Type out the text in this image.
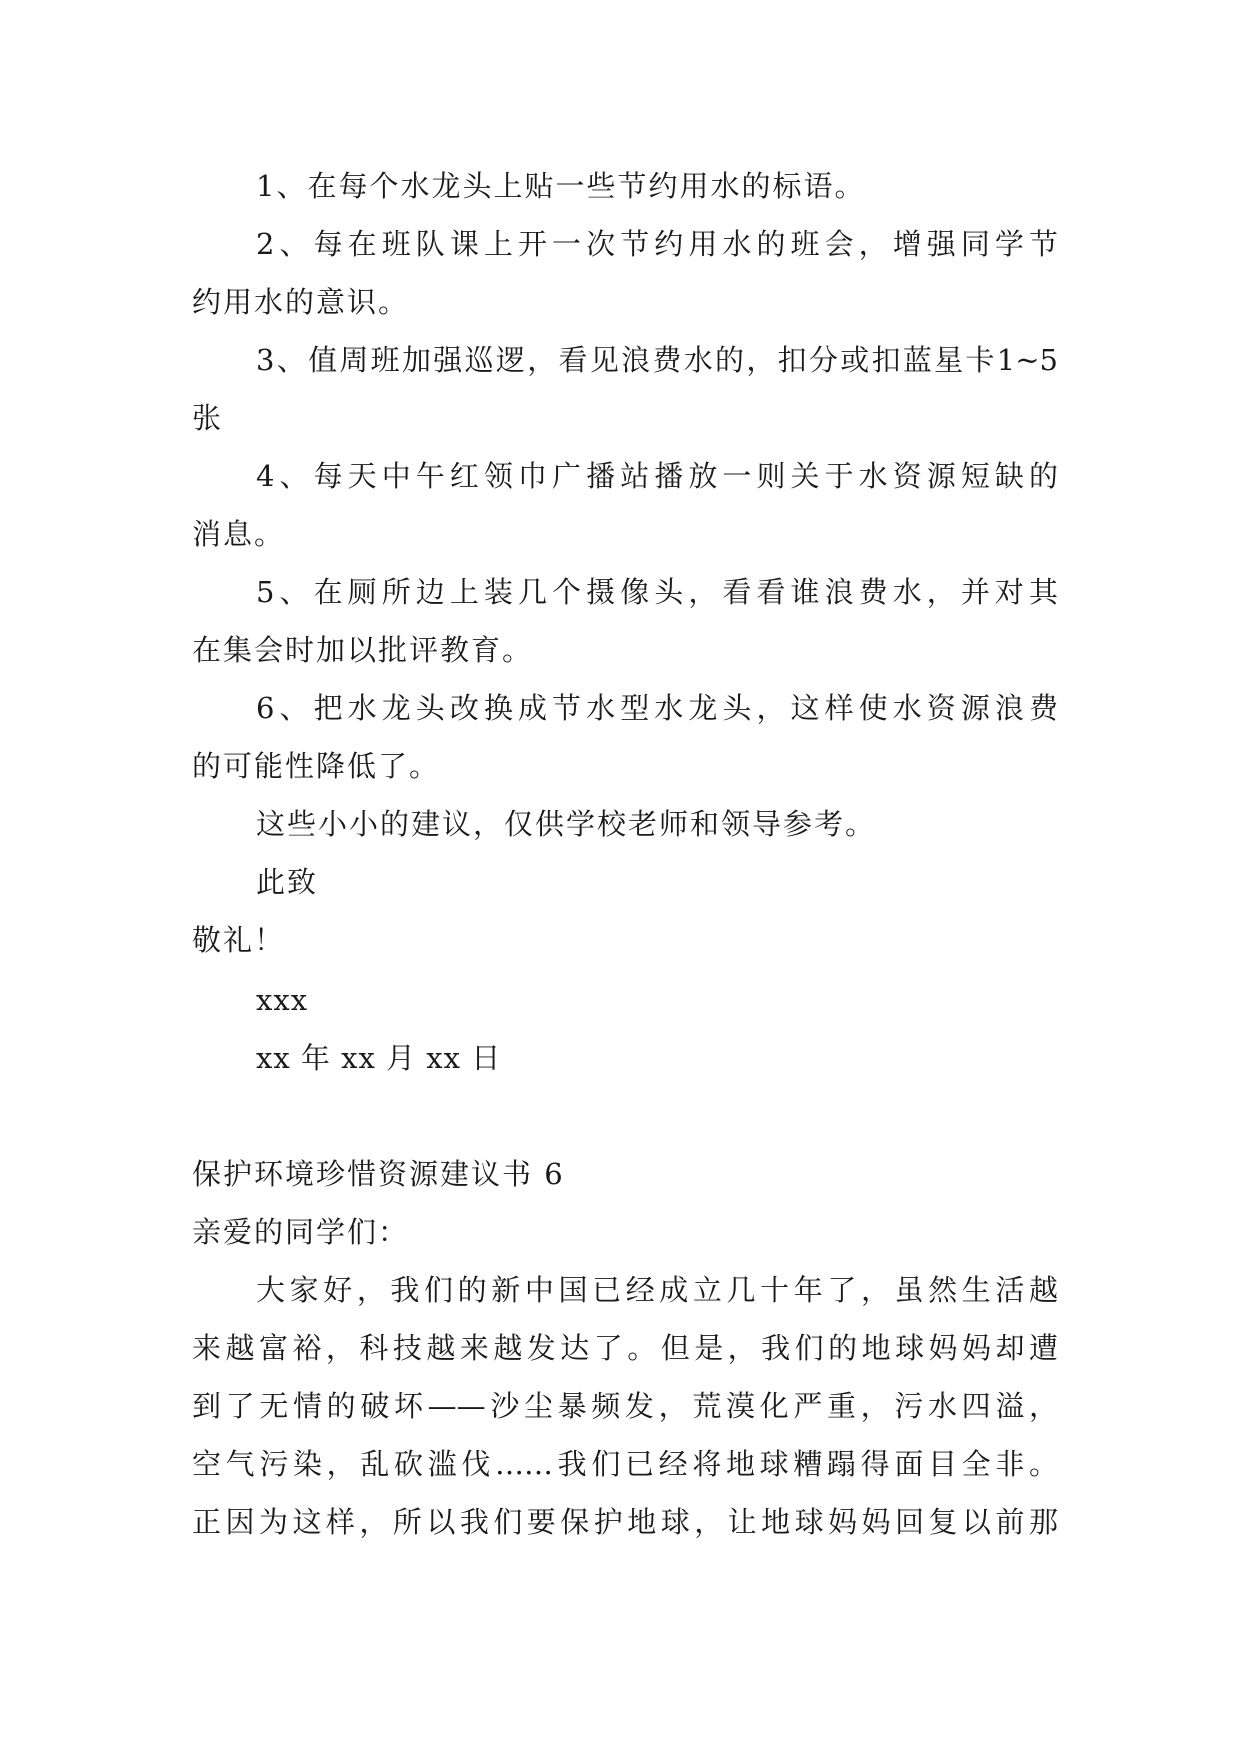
1、在每个水龙头上贴一些节约用水的标语。
2、每在班队课上开一次节约用水的班会，增强同学节
约用水的意识。
3、值周班加强巡逻，看见浪费水的，扣分或扣蓝星卡1~5
张
4、每天中午红领巾广播站播放一则关于水资源短缺的
消息。
5、在厕所边上装几个摄像头，看看谁浪费水，并对其
在集会时加以批评教育。
6、把水龙头改换成节水型水龙头，这样使水资源浪费
的可能性降低了。
这些小小的建议，仅供学校老师和领导参考。
此致
敬礼！
xxx
xx 年 xx 月 xx 日
保护环境珍惜资源建议书 6
亲爱的同学们：
大家好，我们的新中国已经成立几十年了，虽然生活越
来越富裕，科技越来越发达了。但是，我们的地球妈妈却遭
到了无情的破坏——沙尘暴频发，荒漠化严重，污水四溢，
空气污染，乱砍滥伐……我们已经将地球糟蹋得面目全非。
正因为这样，所以我们要保护地球，让地球妈妈回复以前那
